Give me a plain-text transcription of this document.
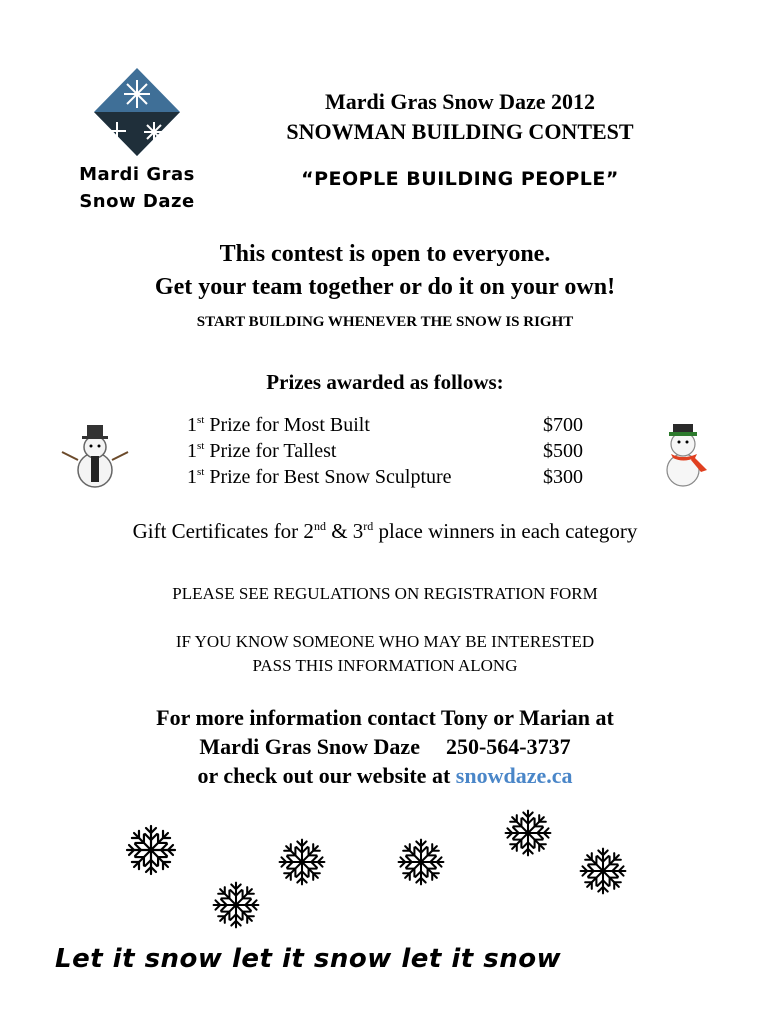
Mardi Gras
Snow Daze
Mardi Gras Snow Daze 2012
SNOWMAN BUILDING CONTEST
“PEOPLE BUILDING PEOPLE”
This contest is open to everyone.
Get your team together or do it on your own!
START BUILDING WHENEVER THE SNOW IS RIGHT
Prizes awarded as follows:
1st Prize for Most Built	$700
1st Prize for Tallest	$500
1st Prize for Best Snow Sculpture	$300
Gift Certificates for 2nd & 3rd place winners in each category
PLEASE SEE REGULATIONS ON REGISTRATION FORM
IF YOU KNOW SOMEONE WHO MAY BE INTERESTED
PASS THIS INFORMATION ALONG
For more information contact Tony or Marian at
Mardi Gras Snow Daze 250-564-3737
or check out our website at snowdaze.ca
Let it snow let it snow let it snow
